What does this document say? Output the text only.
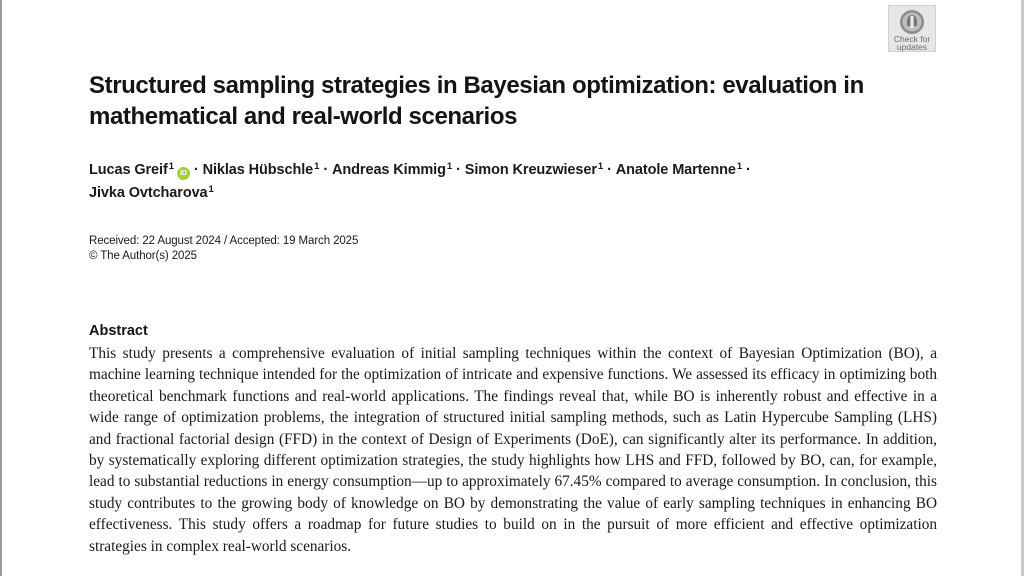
Check for
updates
Structured sampling strategies in Bayesian optimization: evaluation in mathematical and real-world scenarios
Lucas Greif$^1$iD · Niklas Hübschle$^1$ · Andreas Kimmig$^1$ · Simon Kreuzwieser$^1$ · Anatole Martenne$^1$ ·
Jivka Ovtcharova$^1$
Received: 22 August 2024 / Accepted: 19 March 2025
© The Author(s) 2025
Abstract

This study presents a comprehensive evaluation of initial sampling techniques within the context of Bayesian Optimization (BO), a machine learning technique intended for the optimization of intricate and expensive functions. We assessed its efficacy in optimizing both theoretical benchmark functions and real-world applications. The findings reveal that, while BO is inherently robust and effective in a wide range of optimization problems, the integration of structured initial sampling methods, such as Latin Hypercube Sampling (LHS) and fractional factorial design (FFD) in the context of Design of Experiments (DoE), can significantly alter its performance. In addition, by systematically exploring different optimization strategies, the study highlights how LHS and FFD, followed by BO, can, for example, lead to substantial reductions in energy consumption—up to approximately 67.45% compared to average consumption. In conclusion, this study contributes to the growing body of knowledge on BO by demonstrating the value of early sampling techniques in enhancing BO effectiveness. This study offers a roadmap for future studies to build on in the pursuit of more efficient and effective optimization strategies in complex real-world scenarios.
